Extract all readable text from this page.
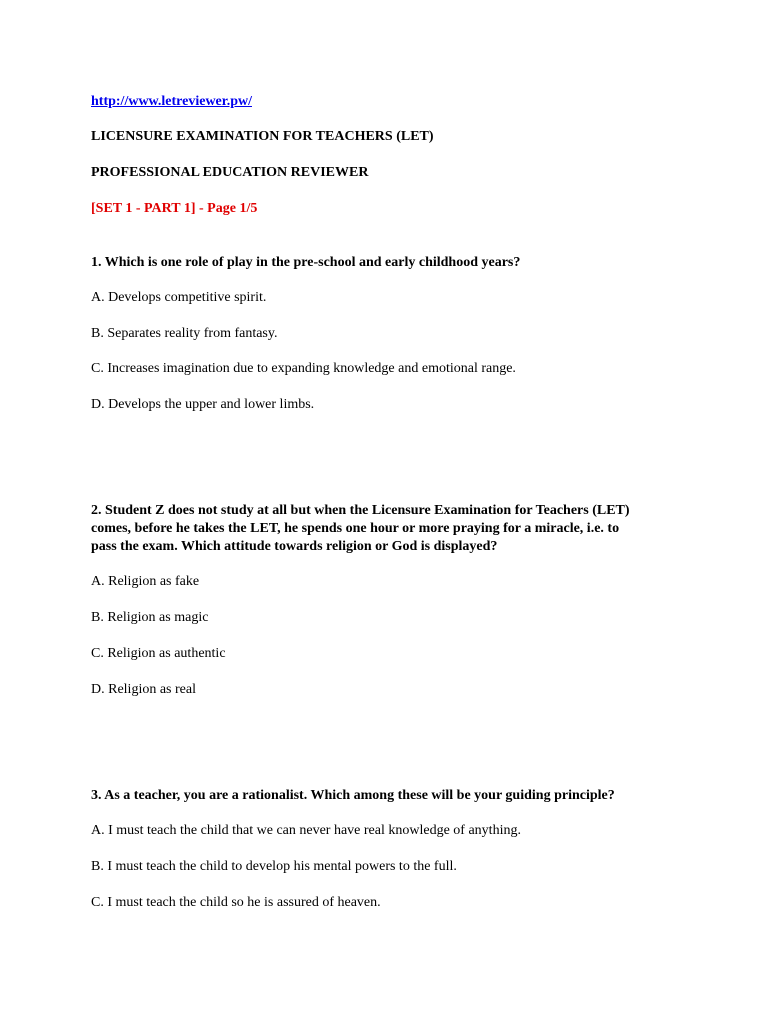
http://www.letreviewer.pw/
LICENSURE EXAMINATION FOR TEACHERS (LET)
PROFESSIONAL EDUCATION REVIEWER
[SET 1 - PART 1] - Page 1/5
1. Which is one role of play in the pre-school and early childhood years?
A. Develops competitive spirit.
B. Separates reality from fantasy.
C. Increases imagination due to expanding knowledge and emotional range.
D. Develops the upper and lower limbs.
2. Student Z does not study at all but when the Licensure Examination for Teachers (LET)
comes, before he takes the LET, he spends one hour or more praying for a miracle, i.e. to
pass the exam. Which attitude towards religion or God is displayed?
A. Religion as fake
B. Religion as magic
C. Religion as authentic
D. Religion as real
3. As a teacher, you are a rationalist. Which among these will be your guiding principle?
A. I must teach the child that we can never have real knowledge of anything.
B. I must teach the child to develop his mental powers to the full.
C. I must teach the child so he is assured of heaven.
